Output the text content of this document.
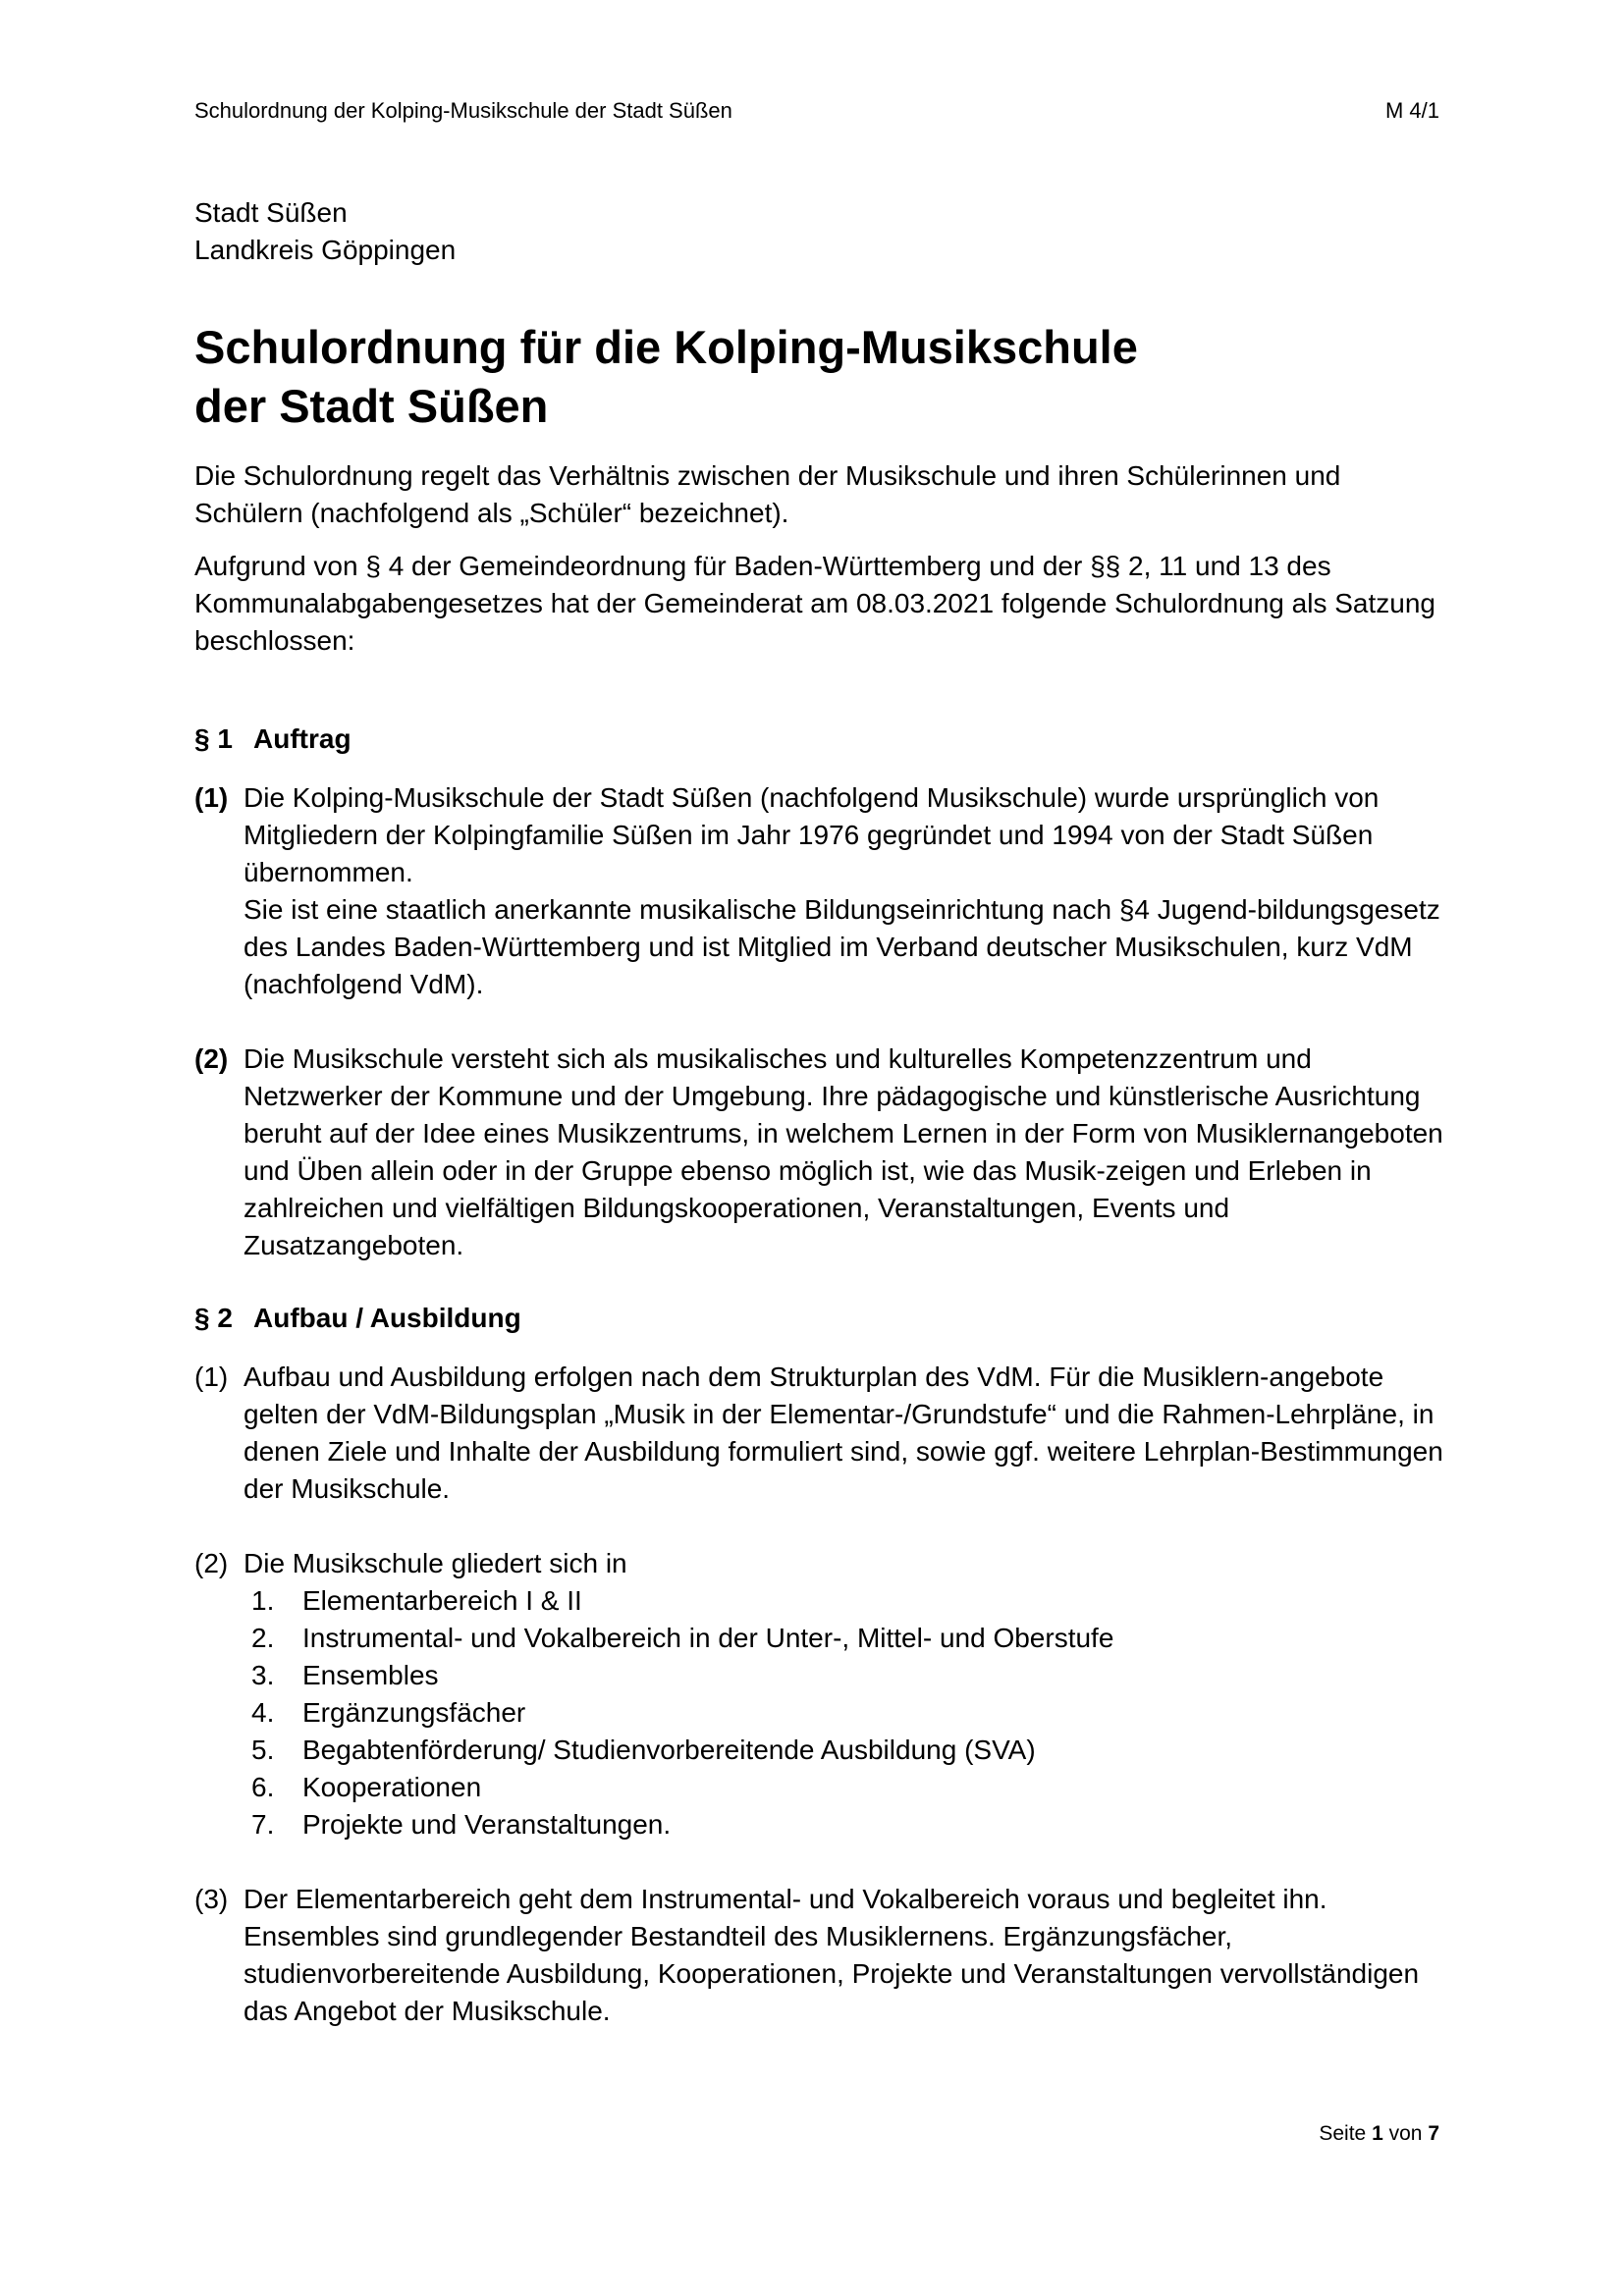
Schulordnung der Kolping-Musikschule der Stadt Süßen	M 4/1
Stadt Süßen
Landkreis Göppingen
Schulordnung für die Kolping-Musikschule
der Stadt Süßen

Die Schulordnung regelt das Verhältnis zwischen der Musikschule und ihren Schülerinnen und Schülern (nachfolgend als „Schüler“ bezeichnet).

Aufgrund von § 4 der Gemeindeordnung für Baden-Württemberg und der §§ 2, 11 und 13 des Kommunalabgabengesetzes hat der Gemeinderat am 08.03.2021 folgende Schulordnung als Satzung beschlossen:

§ 1 Auftrag
(1) Die Kolping-Musikschule der Stadt Süßen (nachfolgend Musikschule) wurde ursprünglich von Mitgliedern der Kolpingfamilie Süßen im Jahr 1976 gegründet und 1994 von der Stadt Süßen übernommen.
Sie ist eine staatlich anerkannte musikalische Bildungseinrichtung nach §4 Jugend-bildungsgesetz des Landes Baden-Württemberg und ist Mitglied im Verband deutscher Musikschulen, kurz VdM (nachfolgend VdM).
(2) Die Musikschule versteht sich als musikalisches und kulturelles Kompetenzzentrum und Netzwerker der Kommune und der Umgebung. Ihre pädagogische und künstlerische Ausrichtung beruht auf der Idee eines Musikzentrums, in welchem Lernen in der Form von Musiklernangeboten und Üben allein oder in der Gruppe ebenso möglich ist, wie das Musik-zeigen und Erleben in zahlreichen und vielfältigen Bildungskooperationen, Veranstaltungen, Events und Zusatzangeboten.
§ 2 Aufbau / Ausbildung
(1) Aufbau und Ausbildung erfolgen nach dem Strukturplan des VdM. Für die Musiklern-angebote gelten der VdM-Bildungsplan „Musik in der Elementar-/Grundstufe“ und die Rahmen-Lehrpläne, in denen Ziele und Inhalte der Ausbildung formuliert sind, sowie ggf. weitere Lehrplan-Bestimmungen der Musikschule.
(2) Die Musikschule gliedert sich in
1.	Elementarbereich I & II
2.	Instrumental- und Vokalbereich in der Unter-, Mittel- und Oberstufe
3.	Ensembles
4.	Ergänzungsfächer
5.	Begabtenförderung/ Studienvorbereitende Ausbildung (SVA)
6.	Kooperationen
7.	Projekte und Veranstaltungen.
(3) Der Elementarbereich geht dem Instrumental- und Vokalbereich voraus und begleitet ihn. Ensembles sind grundlegender Bestandteil des Musiklernens. Ergänzungsfächer, studienvorbereitende Ausbildung, Kooperationen, Projekte und Veranstaltungen vervollständigen das Angebot der Musikschule.
Seite 1 von 7
